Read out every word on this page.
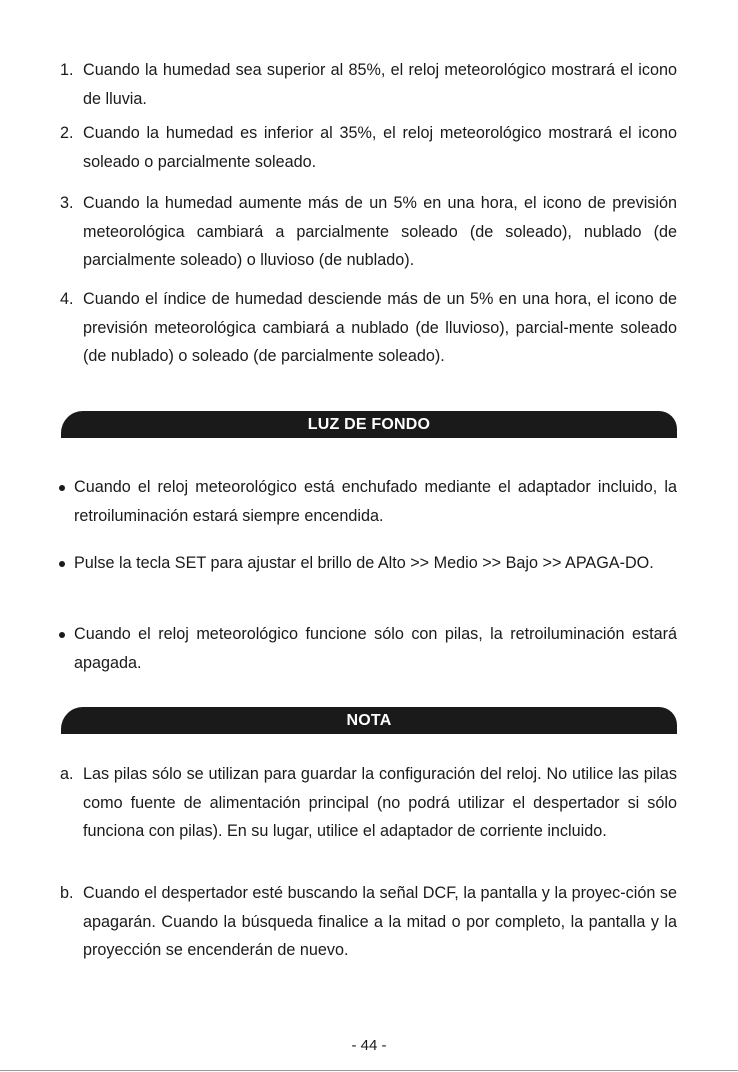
1. Cuando la humedad sea superior al 85%, el reloj meteorológico mostrará el icono de lluvia.
2. Cuando la humedad es inferior al 35%, el reloj meteorológico mostrará el icono soleado o parcialmente soleado.
3. Cuando la humedad aumente más de un 5% en una hora, el icono de previsión meteorológica cambiará a parcialmente soleado (de soleado), nublado (de parcialmente soleado) o lluvioso (de nublado).
4. Cuando el índice de humedad desciende más de un 5% en una hora, el icono de previsión meteorológica cambiará a nublado (de lluvioso), parcial-mente soleado (de nublado) o soleado (de parcialmente soleado).
LUZ DE FONDO
Cuando el reloj meteorológico está enchufado mediante el adaptador incluido, la retroiluminación estará siempre encendida.
Pulse la tecla SET para ajustar el brillo de Alto >> Medio >> Bajo >> APAGA-DO.
Cuando el reloj meteorológico funcione sólo con pilas, la retroiluminación estará apagada.
NOTA
a. Las pilas sólo se utilizan para guardar la configuración del reloj. No utilice las pilas como fuente de alimentación principal (no podrá utilizar el despertador si sólo funciona con pilas). En su lugar, utilice el adaptador de corriente incluido.
b. Cuando el despertador esté buscando la señal DCF, la pantalla y la proyec-ción se apagarán. Cuando la búsqueda finalice a la mitad o por completo, la pantalla y la proyección se encenderán de nuevo.
- 44 -
